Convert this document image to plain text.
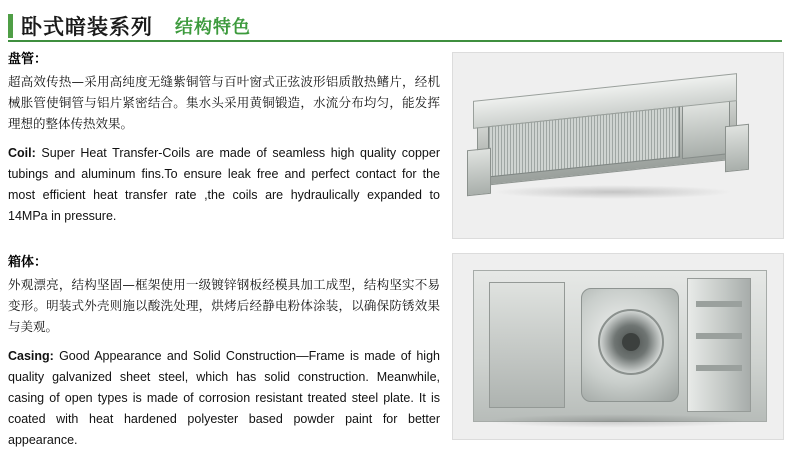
卧式暗装系列 结构特色
盘管：

超高效传热—采用高纯度无缝紫铜管与百叶窗式正弦波形铝质散热鳍片，经机械胀管使铜管与铝片紧密结合。集水头采用黄铜锻造，水流分布均匀，能发挥理想的整体传热效果。

Coil: Super Heat Transfer-Coils are made of seamless high quality copper tubings and aluminum fins.To ensure leak free and perfect contact for the most efficient heat transfer rate ,the coils are hydraulically expanded to 14MPa in pressure.

箱体：

外观漂亮，结构坚固—框架使用一级镀锌钢板经模具加工成型，结构坚实不易变形。明装式外壳则施以酸洗处理，烘烤后经静电粉体涂装，以确保防锈效果与美观。

Casing: Good Appearance and Solid Construction—Frame is made of high quality galvanized sheet steel, which has solid construction. Meanwhile, casing of open types is made of corrosion resistant treated steel plate. It is coated with heat hardened polyester based powder paint for better appearance.
